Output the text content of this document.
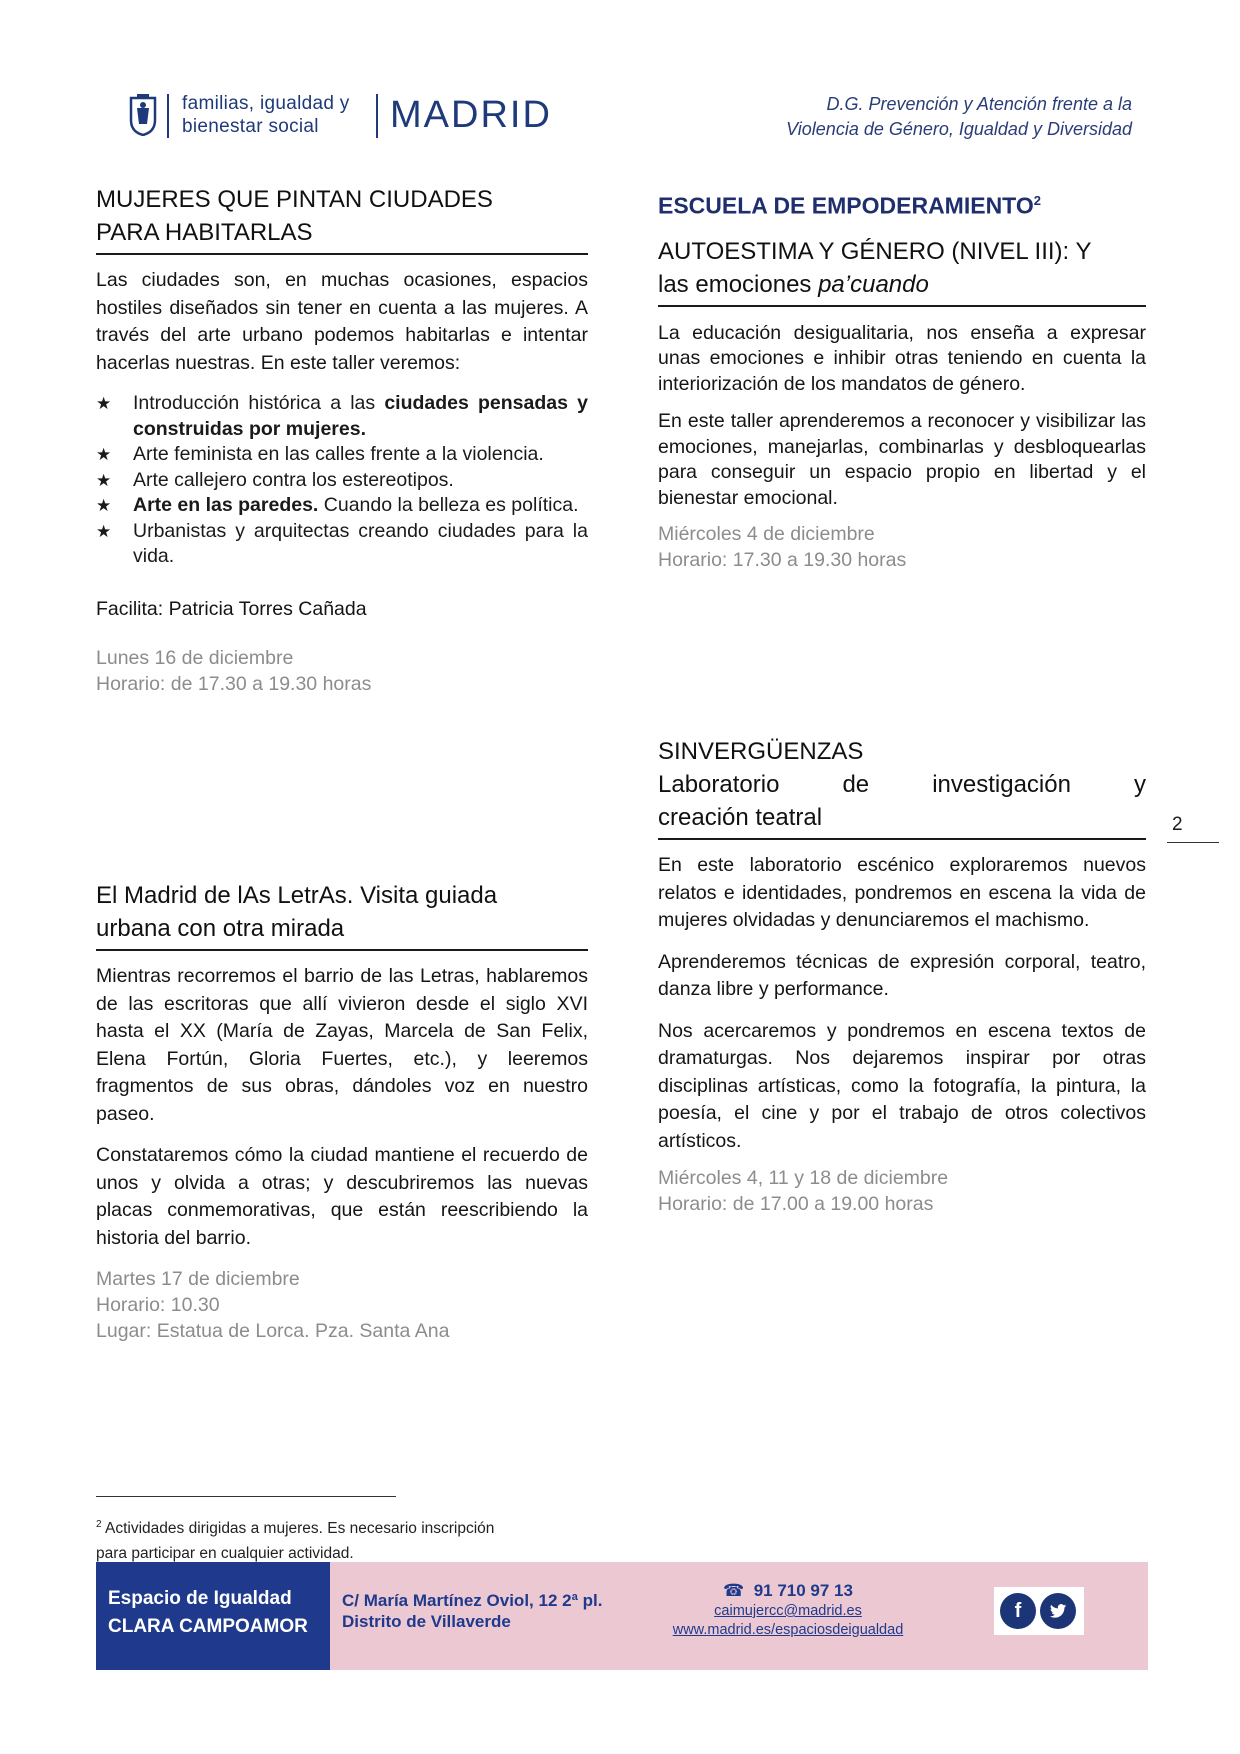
familias, igualdad y
bienestar social	MADRID	D.G. Prevención y Atención frente a la
Violencia de Género, Igualdad y Diversidad
MUJERES QUE PINTAN CIUDADES
PARA HABITARLAS

Las ciudades son, en muchas ocasiones, espacios hostiles diseñados sin tener en cuenta a las mujeres. A través del arte urbano podemos habitarlas e intentar hacerlas nuestras. En este taller veremos:

★ Introducción histórica a las ciudades pensadas y construidas por mujeres.
★ Arte feminista en las calles frente a la violencia.
★ Arte callejero contra los estereotipos.
★ Arte en las paredes. Cuando la belleza es política.
★ Urbanistas y arquitectas creando ciudades para la vida.

Facilita: Patricia Torres Cañada

Lunes 16 de diciembre

Horario: de 17.30 a 19.30 horas

El Madrid de lAs LetrAs. Visita guiada
urbana con otra mirada

Mientras recorremos el barrio de las Letras, hablaremos de las escritoras que allí vivieron desde el siglo XVI hasta el XX (María de Zayas, Marcela de San Felix, Elena Fortún, Gloria Fuertes, etc.), y leeremos fragmentos de sus obras, dándoles voz en nuestro paseo.

Constataremos cómo la ciudad mantiene el recuerdo de unos y olvida a otras; y descubriremos las nuevas placas conmemorativas, que están reescribiendo la historia del barrio.

Martes 17 de diciembre

Horario: 10.30

Lugar: Estatua de Lorca. Pza. Santa Ana

ESCUELA DE EMPODERAMIENTO$^2$

AUTOESTIMA Y GÉNERO (NIVEL III): Y
las emociones pa’cuando

La educación desigualitaria, nos enseña a expresar unas emociones e inhibir otras teniendo en cuenta la interiorización de los mandatos de género.

En este taller aprenderemos a reconocer y visibilizar las emociones, manejarlas, combinarlas y desbloquearlas para conseguir un espacio propio en libertad y el bienestar emocional.

Miércoles 4 de diciembre

Horario: 17.30 a 19.30 horas

SINVERGÜENZAS

Laboratorio de investigación y
creación teatral

En este laboratorio escénico exploraremos nuevos relatos e identidades, pondremos en escena la vida de mujeres olvidadas y denunciaremos el machismo.

Aprenderemos técnicas de expresión corporal, teatro, danza libre y performance.

Nos acercaremos y pondremos en escena textos de dramaturgas. Nos dejaremos inspirar por otras disciplinas artísticas, como la fotografía, la pintura, la poesía, el cine y por el trabajo de otros colectivos artísticos.

Miércoles 4, 11 y 18 de diciembre

Horario: de 17.00 a 19.00 horas

2
$^2$ Actividades dirigidas a mujeres. Es necesario inscripción
para participar en cualquier actividad.
Espacio de Igualdad
CLARA CAMPOAMOR
C/ María Martínez Oviol, 12 2ª pl.
Distrito de Villaverde
☎ 91 710 97 13
caimujercc@madrid.es
www.madrid.es/espaciosdeigualdad
f
